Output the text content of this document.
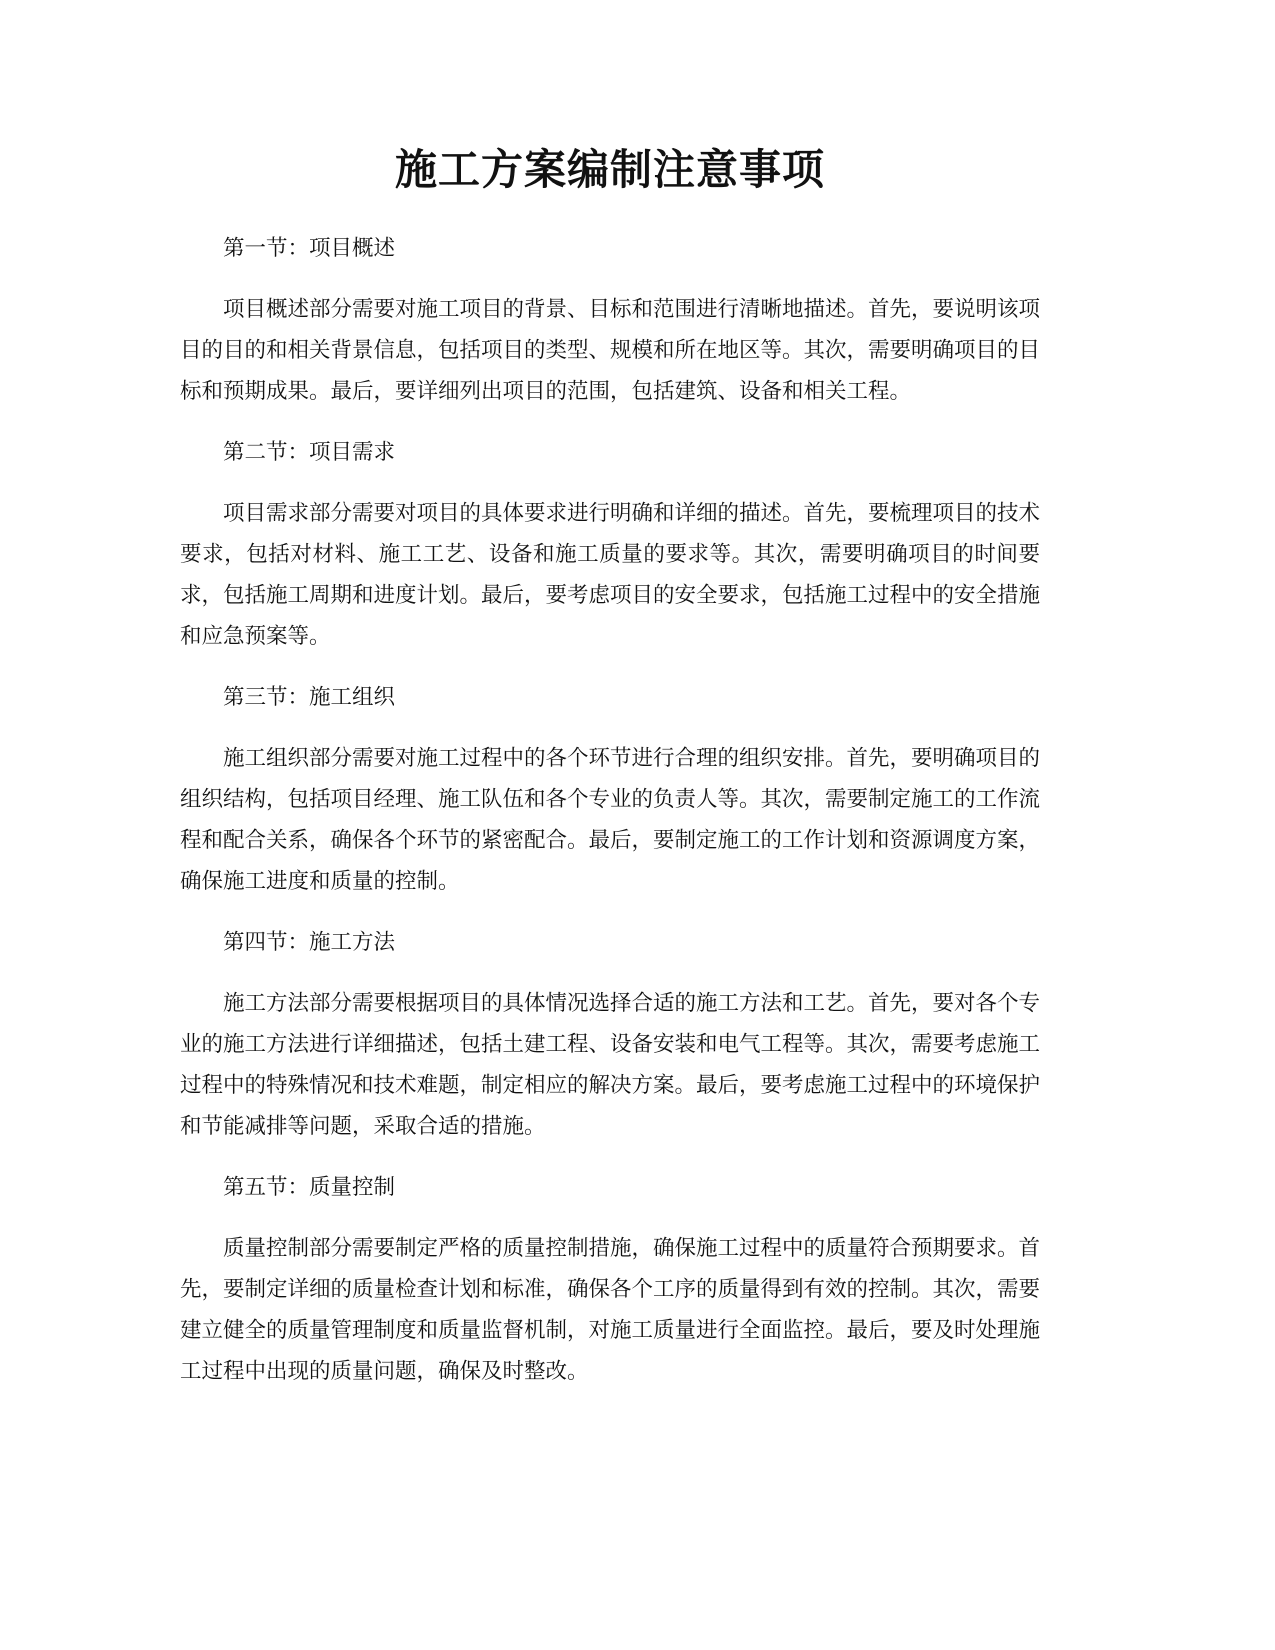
施工方案编制注意事项

第一节：项目概述

项目概述部分需要对施工项目的背景、目标和范围进行清晰地描述。首先，要说明该项目的目的和相关背景信息，包括项目的类型、规模和所在地区等。其次，需要明确项目的目标和预期成果。最后，要详细列出项目的范围，包括建筑、设备和相关工程。

第二节：项目需求

项目需求部分需要对项目的具体要求进行明确和详细的描述。首先，要梳理项目的技术要求，包括对材料、施工工艺、设备和施工质量的要求等。其次，需要明确项目的时间要求，包括施工周期和进度计划。最后，要考虑项目的安全要求，包括施工过程中的安全措施和应急预案等。

第三节：施工组织

施工组织部分需要对施工过程中的各个环节进行合理的组织安排。首先，要明确项目的组织结构，包括项目经理、施工队伍和各个专业的负责人等。其次，需要制定施工的工作流程和配合关系，确保各个环节的紧密配合。最后，要制定施工的工作计划和资源调度方案，确保施工进度和质量的控制。

第四节：施工方法

施工方法部分需要根据项目的具体情况选择合适的施工方法和工艺。首先，要对各个专业的施工方法进行详细描述，包括土建工程、设备安装和电气工程等。其次，需要考虑施工过程中的特殊情况和技术难题，制定相应的解决方案。最后，要考虑施工过程中的环境保护和节能减排等问题，采取合适的措施。

第五节：质量控制

质量控制部分需要制定严格的质量控制措施，确保施工过程中的质量符合预期要求。首先，要制定详细的质量检查计划和标准，确保各个工序的质量得到有效的控制。其次，需要建立健全的质量管理制度和质量监督机制，对施工质量进行全面监控。最后，要及时处理施工过程中出现的质量问题，确保及时整改。
